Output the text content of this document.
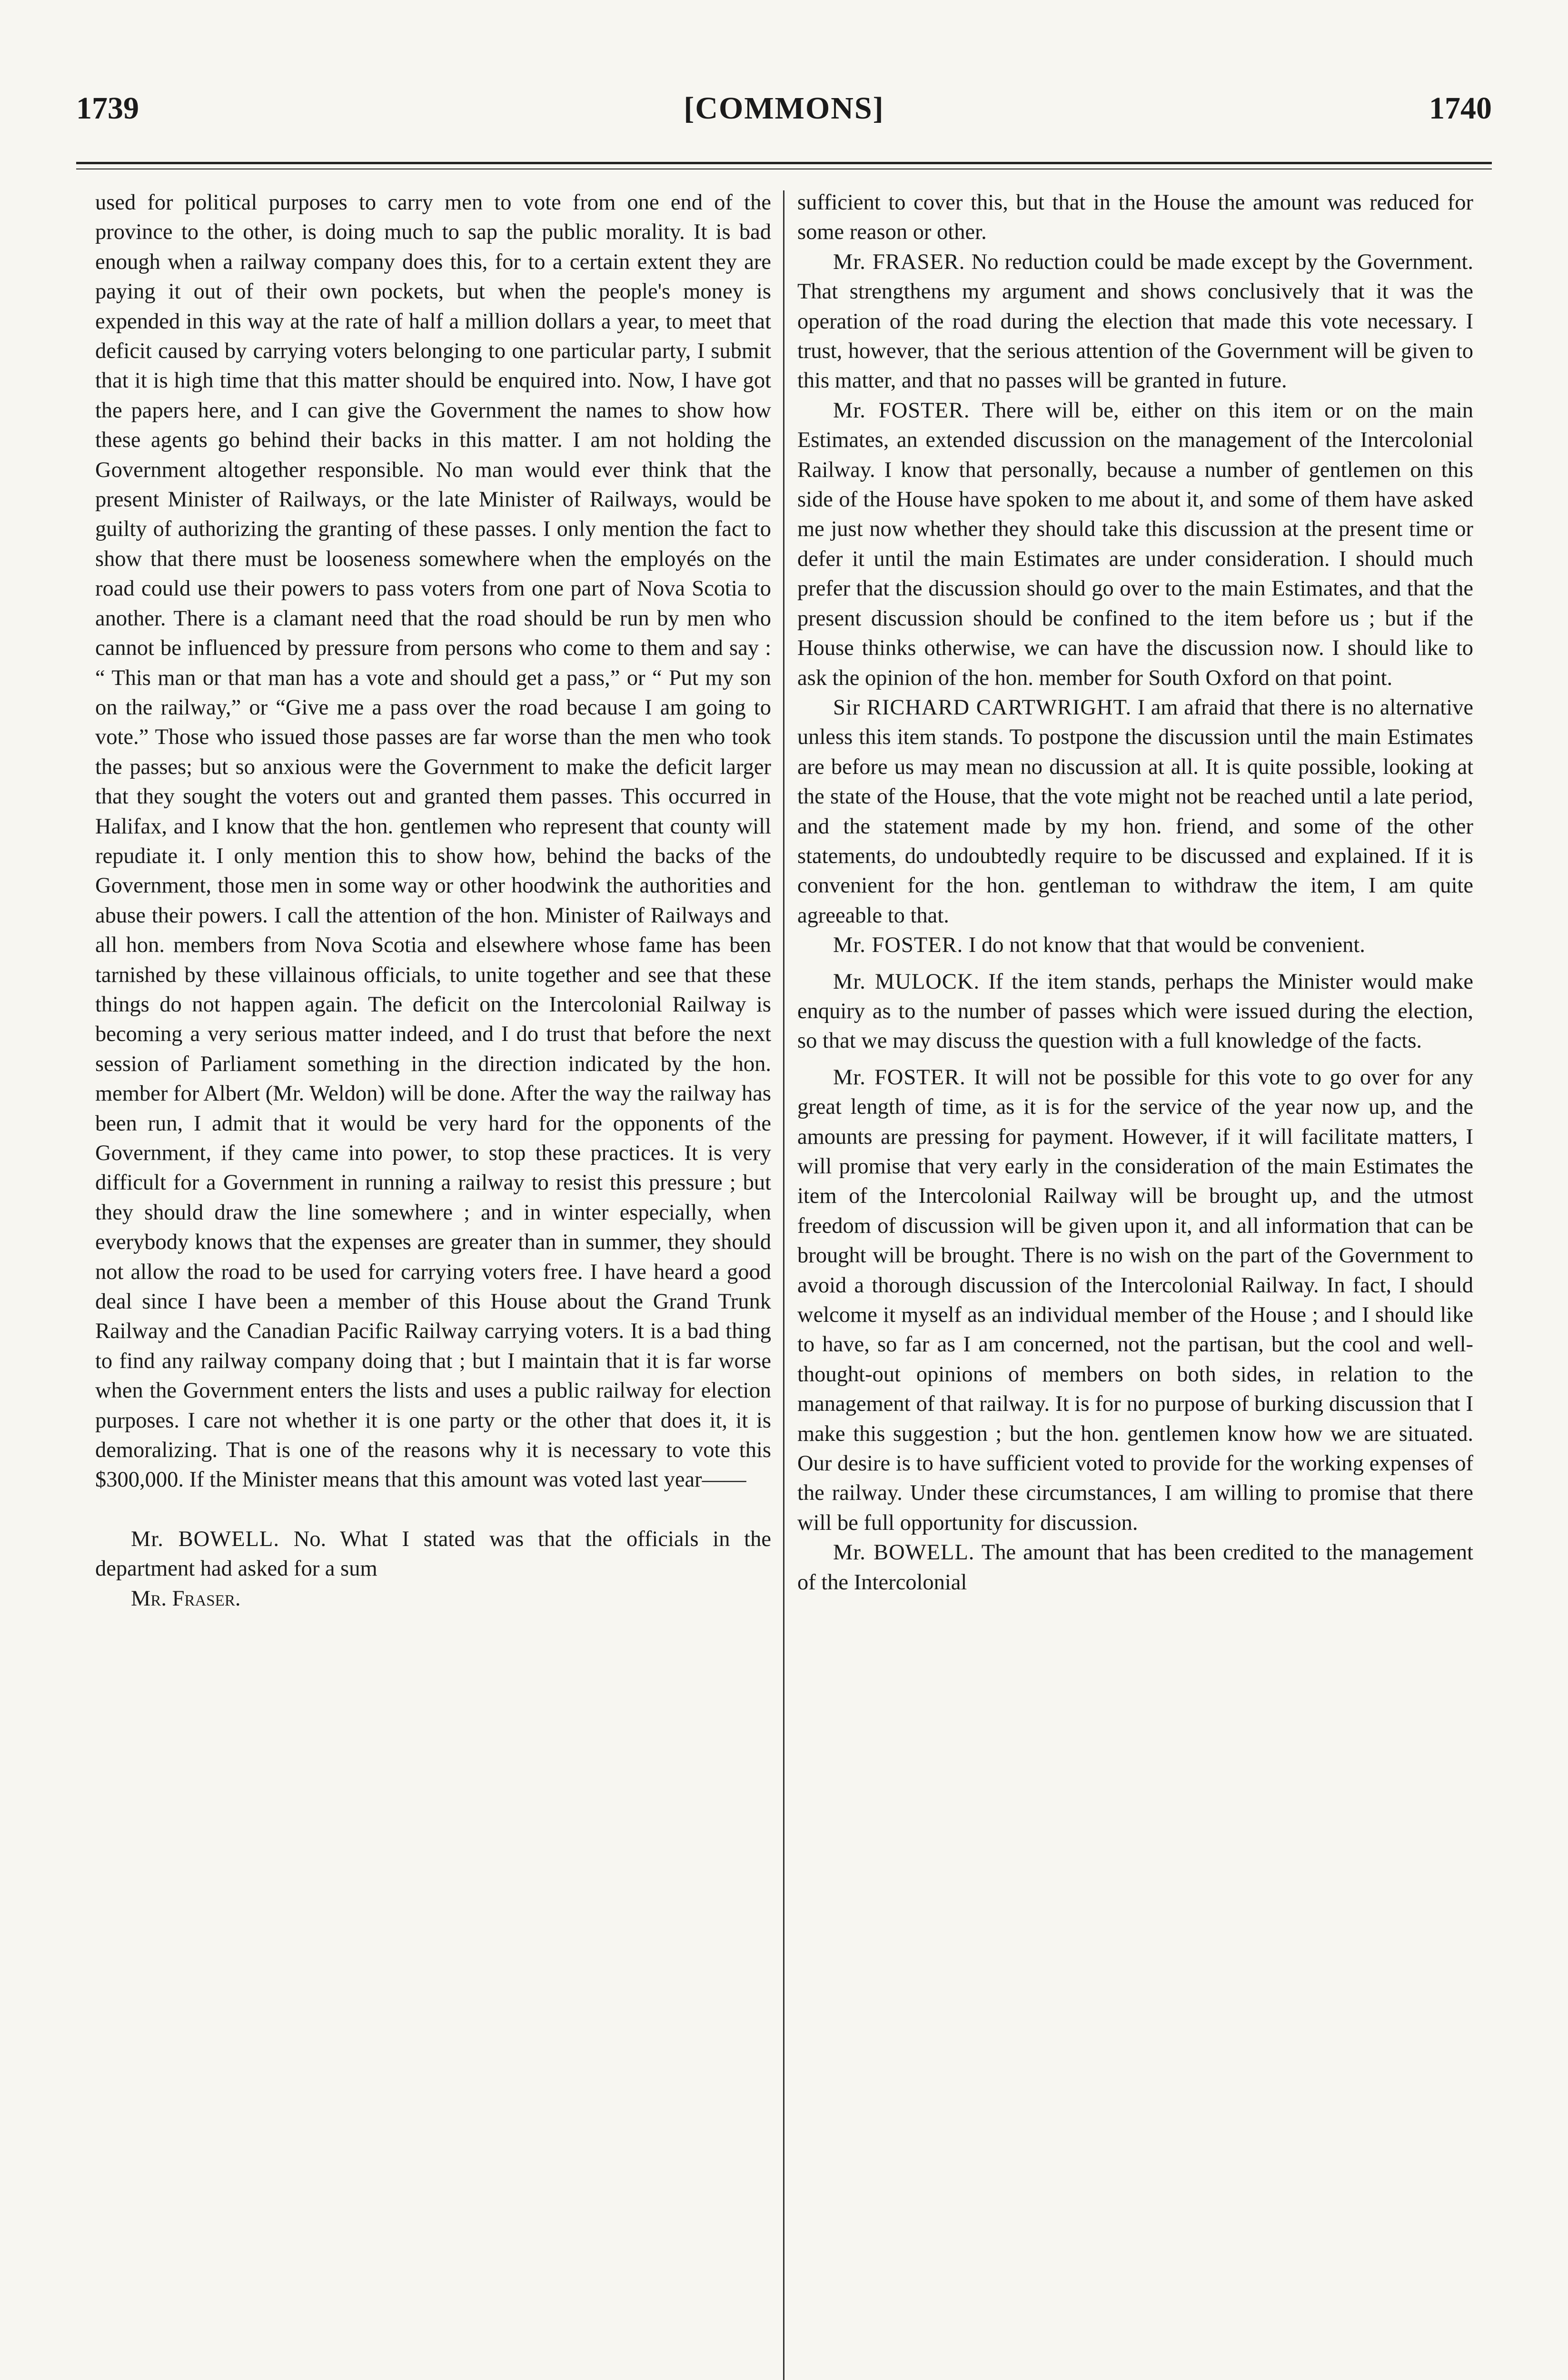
1739	[COMMONS]	1740

used for political purposes to carry men to vote from one end of the province to the other, is doing much to sap the public morality. It is bad enough when a railway company does this, for to a certain extent they are paying it out of their own pockets, but when the people's money is expended in this way at the rate of half a million dollars a year, to meet that deficit caused by carrying voters belonging to one particular party, I submit that it is high time that this matter should be enquired into. Now, I have got the papers here, and I can give the Government the names to show how these agents go behind their backs in this matter. I am not holding the Government altogether responsible. No man would ever think that the present Minister of Railways, or the late Minister of Railways, would be guilty of authorizing the granting of these passes. I only mention the fact to show that there must be looseness somewhere when the employés on the road could use their powers to pass voters from one part of Nova Scotia to another. There is a clamant need that the road should be run by men who cannot be influenced by pressure from persons who come to them and say : “ This man or that man has a vote and should get a pass,” or “ Put my son on the railway,” or “Give me a pass over the road because I am going to vote.” Those who issued those passes are far worse than the men who took the passes; but so anxious were the Government to make the deficit larger that they sought the voters out and granted them passes. This occurred in Halifax, and I know that the hon. gentlemen who represent that county will repudiate it. I only mention this to show how, behind the backs of the Government, those men in some way or other hoodwink the authorities and abuse their powers. I call the attention of the hon. Minister of Railways and all hon. members from Nova Scotia and elsewhere whose fame has been tarnished by these villainous officials, to unite together and see that these things do not happen again. The deficit on the Intercolonial Railway is becoming a very serious matter indeed, and I do trust that before the next session of Parliament something in the direction indicated by the hon. member for Albert (Mr. Weldon) will be done. After the way the railway has been run, I admit that it would be very hard for the opponents of the Government, if they came into power, to stop these practices. It is very difficult for a Government in running a railway to resist this pressure ; but they should draw the line somewhere ; and in winter especially, when everybody knows that the expenses are greater than in summer, they should not allow the road to be used for carrying voters free. I have heard a good deal since I have been a member of this House about the Grand Trunk Railway and the Canadian Pacific Railway carrying voters. It is a bad thing to find any railway company doing that ; but I maintain that it is far worse when the Government enters the lists and uses a public railway for election purposes. I care not whether it is one party or the other that does it, it is demoralizing. That is one of the reasons why it is necessary to vote this $300,000. If the Minister means that this amount was voted last year——

Mr. BOWELL. No. What I stated was that the officials in the department had asked for a sum

Mr. Fraser.

sufficient to cover this, but that in the House the amount was reduced for some reason or other.

Mr. FRASER. No reduction could be made except by the Government. That strengthens my argument and shows conclusively that it was the operation of the road during the election that made this vote necessary. I trust, however, that the serious attention of the Government will be given to this matter, and that no passes will be granted in future.

Mr. FOSTER. There will be, either on this item or on the main Estimates, an extended discussion on the management of the Intercolonial Railway. I know that personally, because a number of gentlemen on this side of the House have spoken to me about it, and some of them have asked me just now whether they should take this discussion at the present time or defer it until the main Estimates are under consideration. I should much prefer that the discussion should go over to the main Estimates, and that the present discussion should be confined to the item before us ; but if the House thinks otherwise, we can have the discussion now. I should like to ask the opinion of the hon. member for South Oxford on that point.

Sir RICHARD CARTWRIGHT. I am afraid that there is no alternative unless this item stands. To postpone the discussion until the main Estimates are before us may mean no discussion at all. It is quite possible, looking at the state of the House, that the vote might not be reached until a late period, and the statement made by my hon. friend, and some of the other statements, do undoubtedly require to be discussed and explained. If it is convenient for the hon. gentleman to withdraw the item, I am quite agreeable to that.

Mr. FOSTER. I do not know that that would be convenient.

Mr. MULOCK. If the item stands, perhaps the Minister would make enquiry as to the number of passes which were issued during the election, so that we may discuss the question with a full knowledge of the facts.

Mr. FOSTER. It will not be possible for this vote to go over for any great length of time, as it is for the service of the year now up, and the amounts are pressing for payment. However, if it will facilitate matters, I will promise that very early in the consideration of the main Estimates the item of the Intercolonial Railway will be brought up, and the utmost freedom of discussion will be given upon it, and all information that can be brought will be brought. There is no wish on the part of the Government to avoid a thorough discussion of the Intercolonial Railway. In fact, I should welcome it myself as an individual member of the House ; and I should like to have, so far as I am concerned, not the partisan, but the cool and well-thought-out opinions of members on both sides, in relation to the management of that railway. It is for no purpose of burking discussion that I make this suggestion ; but the hon. gentlemen know how we are situated. Our desire is to have sufficient voted to provide for the working expenses of the railway. Under these circumstances, I am willing to promise that there will be full opportunity for discussion.

Mr. BOWELL. The amount that has been credited to the management of the Intercolonial
